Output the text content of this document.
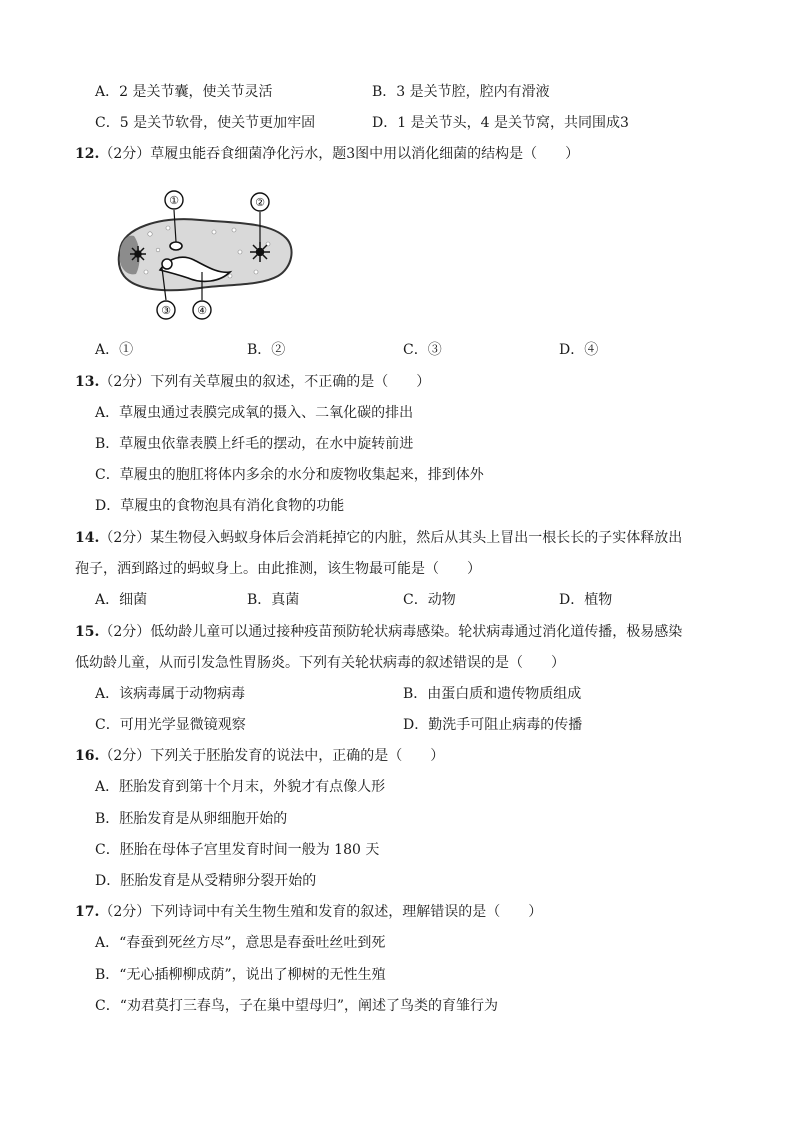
A．2 是关节囊，使关节灵活	B．3 是关节腔，腔内有滑液
C．5 是关节软骨，使关节更加牢固	D．1 是关节头，4 是关节窝，共同围成3
12.（2分）草履虫能吞食细菌净化污水，题3图中用以消化细菌的结构是（　　）
①	②
③ ④
A．①	B．②	C．③	D．④
13.（2分）下列有关草履虫的叙述，不正确的是（　　）
A．草履虫通过表膜完成氧的摄入、二氧化碳的排出
B．草履虫依靠表膜上纤毛的摆动，在水中旋转前进
C．草履虫的胞肛将体内多余的水分和废物收集起来，排到体外
D．草履虫的食物泡具有消化食物的功能
14.（2分）某生物侵入蚂蚁身体后会消耗掉它的内脏，然后从其头上冒出一根长长的子实体释放出
孢子，洒到路过的蚂蚁身上。由此推测，该生物最可能是（　　）
A．细菌	B．真菌	C．动物	D．植物
15.（2分）低幼龄儿童可以通过接种疫苗预防轮状病毒感染。轮状病毒通过消化道传播，极易感染
低幼龄儿童，从而引发急性胃肠炎。下列有关轮状病毒的叙述错误的是（　　）
A．该病毒属于动物病毒	B．由蛋白质和遗传物质组成
C．可用光学显微镜观察	D．勤洗手可阻止病毒的传播
16.（2分）下列关于胚胎发育的说法中，正确的是（　　）
A．胚胎发育到第十个月末，外貌才有点像人形
B．胚胎发育是从卵细胞开始的
C．胚胎在母体子宫里发育时间一般为 180 天
D．胚胎发育是从受精卵分裂开始的
17.（2分）下列诗词中有关生物生殖和发育的叙述，理解错误的是（　　）
A．“春蚕到死丝方尽”，意思是春蚕吐丝吐到死
B．“无心插柳柳成荫”，说出了柳树的无性生殖
C．“劝君莫打三春鸟，子在巢中望母归”，阐述了鸟类的育雏行为
